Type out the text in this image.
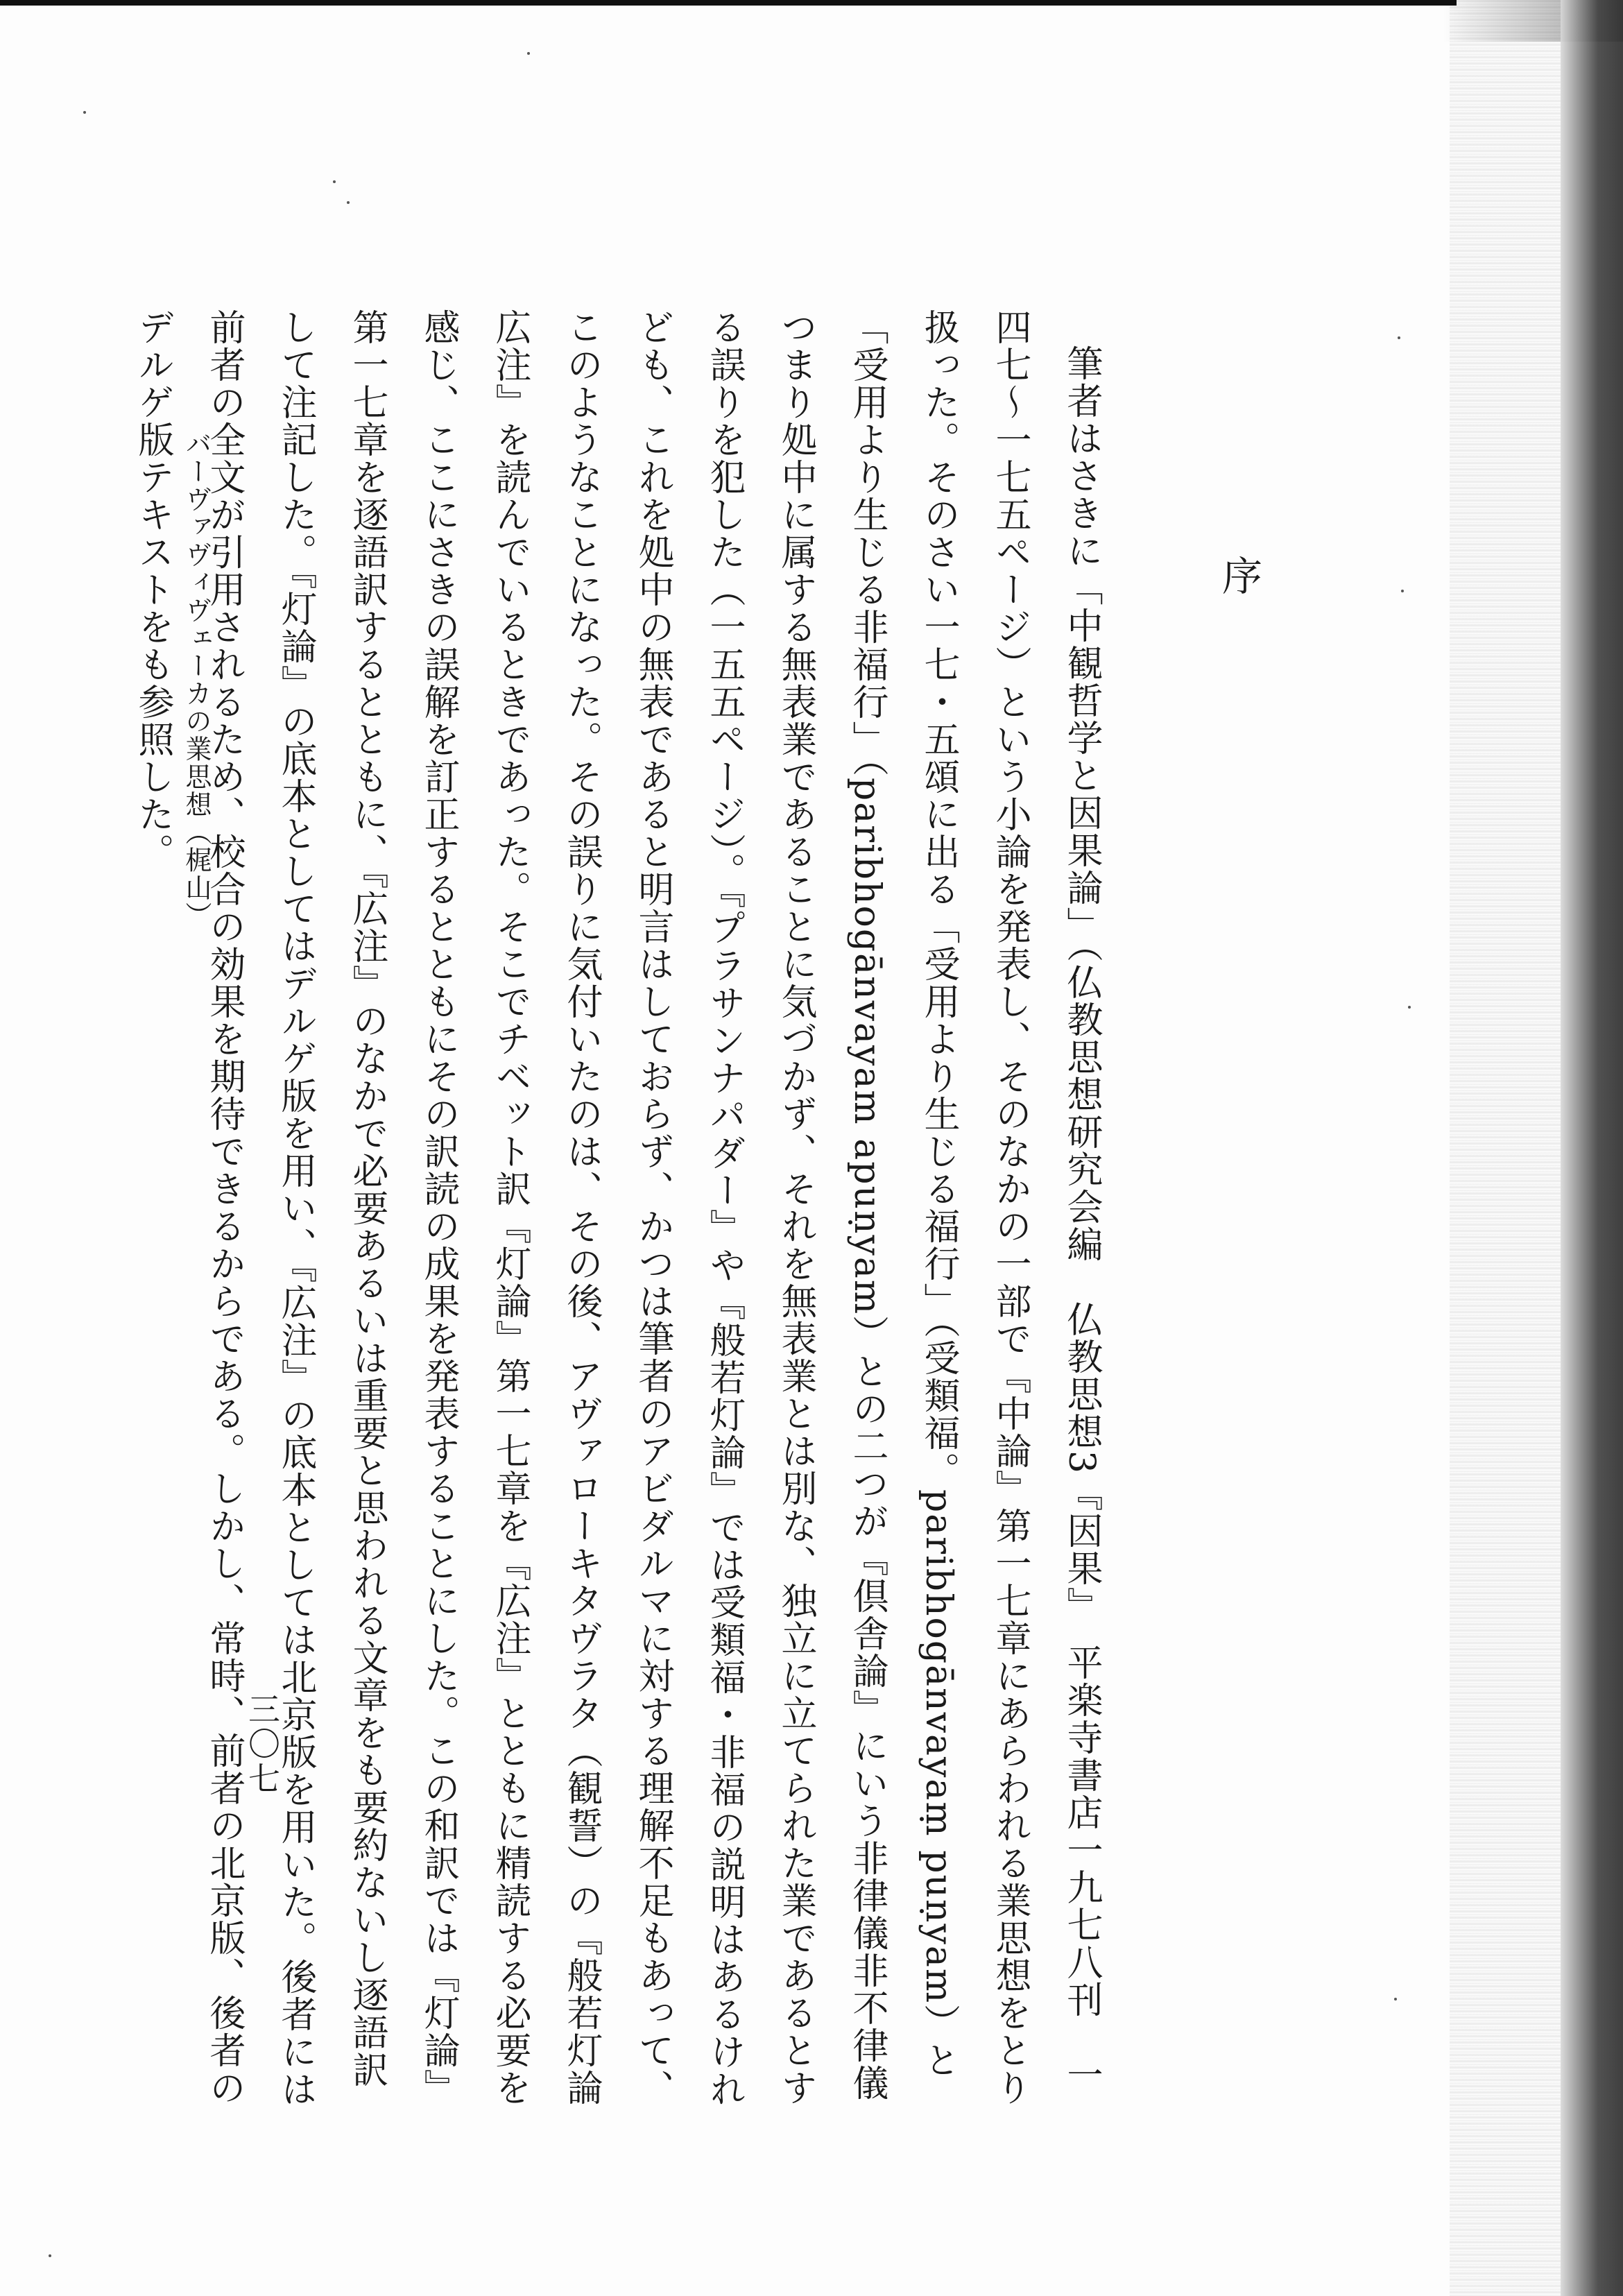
序

筆者はさきに「中観哲学と因果論」（仏教思想研究会編　仏教思想3『因果』　平楽寺書店一九七八刊　一四七〜一七五ページ）という小論を発表し、そのなかの一部で『中論』第一七章にあらわれる業思想をとり扱った。そのさい一七・五頌に出る「受用より生じる福行」（受類福。paribhogānvayaṃ puṇyam）と「受用より生じる非福行」（paribhogānvayam apuṇyam）との二つが『倶舎論』にいう非律儀非不律儀つまり処中に属する無表業であることに気づかず、それを無表業とは別な、独立に立てられた業であるとする誤りを犯した（一五五ページ）。『プラサンナパダー』や『般若灯論』では受類福・非福の説明はあるけれども、これを処中の無表であると明言はしておらず、かつは筆者のアビダルマに対する理解不足もあって、このようなことになった。その誤りに気付いたのは、その後、アヴァローキタヴラタ（観誓）の『般若灯論広注』を読んでいるときであった。そこでチベット訳『灯論』第一七章を『広注』とともに精読する必要を感じ、ここにさきの誤解を訂正するとともにその訳読の成果を発表することにした。この和訳では『灯論』第一七章を逐語訳するとともに、『広注』のなかで必要あるいは重要と思われる文章をも要約ないし逐語訳して注記した。『灯論』の底本としてはデルゲ版を用い、『広注』の底本としては北京版を用いた。後者には前者の全文が引用されるため、校合の効果を期待できるからである。しかし、常時、前者の北京版、後者のデルゲ版テキストをも参照した。

三〇七
バーヴァヴィヴェーカの業思想（梶山）
